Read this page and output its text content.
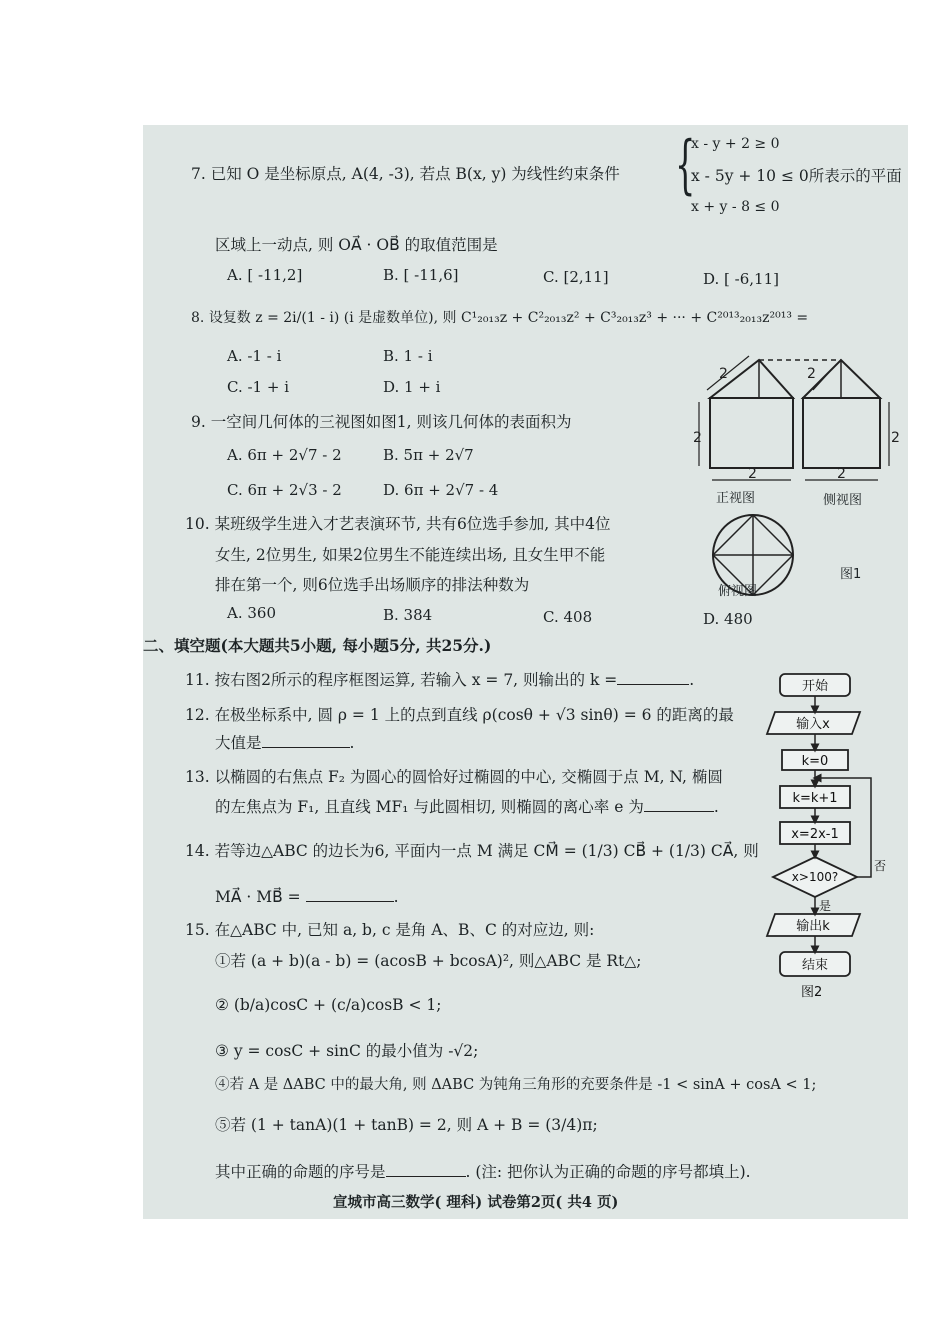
7. 已知 O 是坐标原点, A(4, -3), 若点 B(x, y) 为线性约束条件 {
x - y + 2 ≥ 0
x - 5y + 10 ≤ 0所表示的平面
x + y - 8 ≤ 0
区域上一动点, 则 OA⃗ · OB⃗ 的取值范围是
A. [ -11,2]	B. [ -11,6]	C. [2,11]	D. [ -6,11]
8. 设复数 z = 2i/(1 - i) (i 是虚数单位), 则 C¹₂₀₁₃z + C²₂₀₁₃z² + C³₂₀₁₃z³ + ··· + C²⁰¹³₂₀₁₃z²⁰¹³ =
A. -1 - i	B. 1 - i
C. -1 + i	D. 1 + i
9. 一空间几何体的三视图如图1, 则该几何体的表面积为
A. 6π + 2√7 - 2	B. 5π + 2√7
C. 6π + 2√3 - 2	D. 6π + 2√7 - 4
10. 某班级学生进入才艺表演环节, 共有6位选手参加, 其中4位
女生, 2位男生, 如果2位男生不能连续出场, 且女生甲不能
排在第一个, 则6位选手出场顺序的排法种数为
A. 360	B. 384	C. 408	D. 480
2	2
2	2
2	2
正视图	侧视图
俯视图
图1
二、填空题(本大题共5小题, 每小题5分, 共25分.)
11. 按右图2所示的程序框图运算, 若输入 x = 7, 则输出的 k =	.
12. 在极坐标系中, 圆 ρ = 1 上的点到直线 ρ(cosθ + √3 sinθ) = 6 的距离的最
大值是	.
13. 以椭圆的右焦点 F₂ 为圆心的圆恰好过椭圆的中心, 交椭圆于点 M, N, 椭圆
的左焦点为 F₁, 且直线 MF₁ 与此圆相切, 则椭圆的离心率 e 为	.
14. 若等边△ABC 的边长为6, 平面内一点 M 满足 CM⃗ = (1/3) CB⃗ + (1/3) CA⃗, 则
MA⃗ · MB⃗ =	.
15. 在△ABC 中, 已知 a, b, c 是角 A、B、C 的对应边, 则:
①若 (a + b)(a - b) = (acosB + bcosA)², 则△ABC 是 Rt△;
② (b/a)cosC + (c/a)cosB < 1;
③ y = cosC + sinC 的最小值为 -√2;
④若 A 是 ΔABC 中的最大角, 则 ΔABC 为钝角三角形的充要条件是 -1 < sinA + cosA < 1;
⑤若 (1 + tanA)(1 + tanB) = 2, 则 A + B = (3/4)π;
其中正确的命题的序号是	. (注: 把你认为正确的命题的序号都填上).
开始
输入x
k=0
k=k+1
x=2x-1
x>100?
否
是
输出k
结束
图2
宣城市高三数学( 理科) 试卷第2页( 共4 页)
